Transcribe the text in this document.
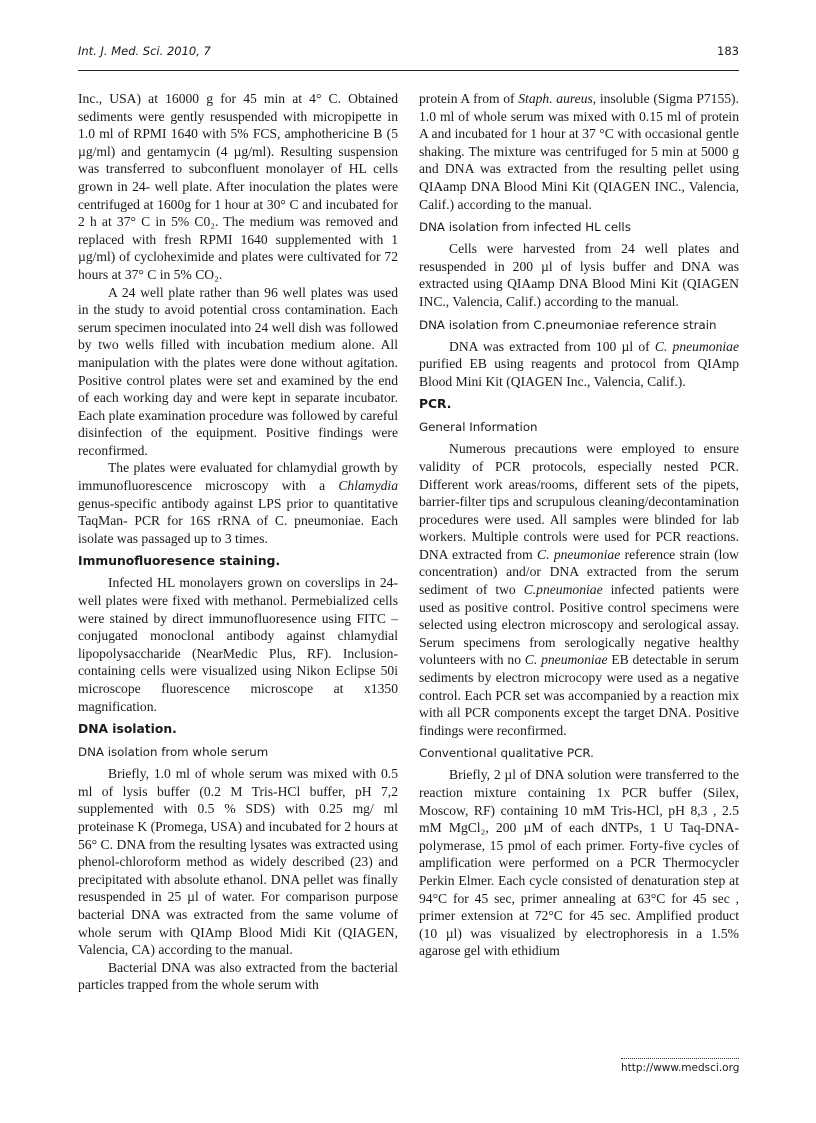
Int. J. Med. Sci. 2010, 7	183

Inc., USA) at 16000 g for 45 min at 4° C. Obtained sediments were gently resuspended with micropipette in 1.0 ml of RPMI 1640 with 5% FCS, amphothericine B (5 µg/ml) and gentamycin (4 µg/ml). Resulting suspension was transferred to subconfluent monolayer of HL cells grown in 24- well plate. After inoculation the plates were centrifuged at 1600g for 1 hour at 30° C and incubated for 2 h at 37° C in 5% C0₂. The medium was removed and replaced with fresh RPMI 1640 supplemented with 1 µg/ml) of cycloheximide and plates were cultivated for 72 hours at 37° C in 5% CO₂.

A 24 well plate rather than 96 well plates was used in the study to avoid potential cross contamination. Each serum specimen inoculated into 24 well dish was followed by two wells filled with incubation medium alone. All manipulation with the plates were done without agitation. Positive control plates were set and examined by the end of each working day and were kept in separate incubator. Each plate examination procedure was followed by careful disinfection of the equipment. Positive findings were reconfirmed.

The plates were evaluated for chlamydial growth by immunofluorescence microscopy with a Chlamydia genus-specific antibody against LPS prior to quantitative TaqMan- PCR for 16S rRNA of C. pneumoniae. Each isolate was passaged up to 3 times.

Immunofluoresence staining.

Infected HL monolayers grown on coverslips in 24-well plates were fixed with methanol. Permebialized cells were stained by direct immunofluoresence using FITC – conjugated monoclonal antibody against chlamydial lipopolysaccharide (NearMedic Plus, RF). Inclusion-containing cells were visualized using Nikon Eclipse 50i microscope fluorescence microscope at x1350 magnification.

DNA isolation.
DNA isolation from whole serum

Briefly, 1.0 ml of whole serum was mixed with 0.5 ml of lysis buffer (0.2 M Tris-HCl buffer, pH 7,2 supplemented with 0.5 % SDS) with 0.25 mg/ ml proteinase K (Promega, USA) and incubated for 2 hours at 56° C. DNA from the resulting lysates was extracted using phenol-chloroform method as widely described (23) and precipitated with absolute ethanol. DNA pellet was finally resuspended in 25 µl of water. For comparison purpose bacterial DNA was extracted from the same volume of whole serum with QIAmp Blood Midi Kit (QIAGEN, Valencia, CA) according to the manual.

Bacterial DNA was also extracted from the bacterial particles trapped from the whole serum with

protein A from of Staph. aureus, insoluble (Sigma P7155). 1.0 ml of whole serum was mixed with 0.15 ml of protein A and incubated for 1 hour at 37 °C with occasional gentle shaking. The mixture was centrifuged for 5 min at 5000 g and DNA was extracted from the resulting pellet using QIAamp DNA Blood Mini Kit (QIAGEN INC., Valencia, Calif.) according to the manual.

DNA isolation from infected HL cells

Cells were harvested from 24 well plates and resuspended in 200 µl of lysis buffer and DNA was extracted using QIAamp DNA Blood Mini Kit (QIAGEN INC., Valencia, Calif.) according to the manual.

DNA isolation from C.pneumoniae reference strain

DNA was extracted from 100 µl of C. pneumoniae purified EB using reagents and protocol from QIAmp Blood Mini Kit (QIAGEN Inc., Valencia, Calif.).

PCR.
General Information

Numerous precautions were employed to ensure validity of PCR protocols, especially nested PCR. Different work areas/rooms, different sets of the pipets, barrier-filter tips and scrupulous cleaning/decontamination procedures were used. All samples were blinded for lab workers. Multiple controls were used for PCR reactions. DNA extracted from C. pneumoniae reference strain (low concentration) and/or DNA extracted from the serum sediment of two C.pneumoniae infected patients were used as positive control. Positive control specimens were selected using electron microscopy and serological assay. Serum specimens from serologically negative healthy volunteers with no C. pneumoniae EB detectable in serum sediments by electron microcopy were used as a negative control. Each PCR set was accompanied by a reaction mix with all PCR components except the target DNA. Positive findings were reconfirmed.

Conventional qualitative PCR.

Briefly, 2 µl of DNA solution were transferred to the reaction mixture containing 1x PCR buffer (Silex, Moscow, RF) containing 10 mM Tris-HCl, pH 8,3 , 2.5 mM MgCl₂, 200 µM of each dNTPs, 1 U Taq-DNA-polymerase, 15 pmol of each primer. Forty-five cycles of amplification were performed on a PCR Thermocycler Perkin Elmer. Each cycle consisted of denaturation step at 94°C for 45 sec, primer annealing at 63°C for 45 sec , primer extension at 72°C for 45 sec. Amplified product (10 µl) was visualized by electrophoresis in a 1.5% agarose gel with ethidium

http://www.medsci.org
